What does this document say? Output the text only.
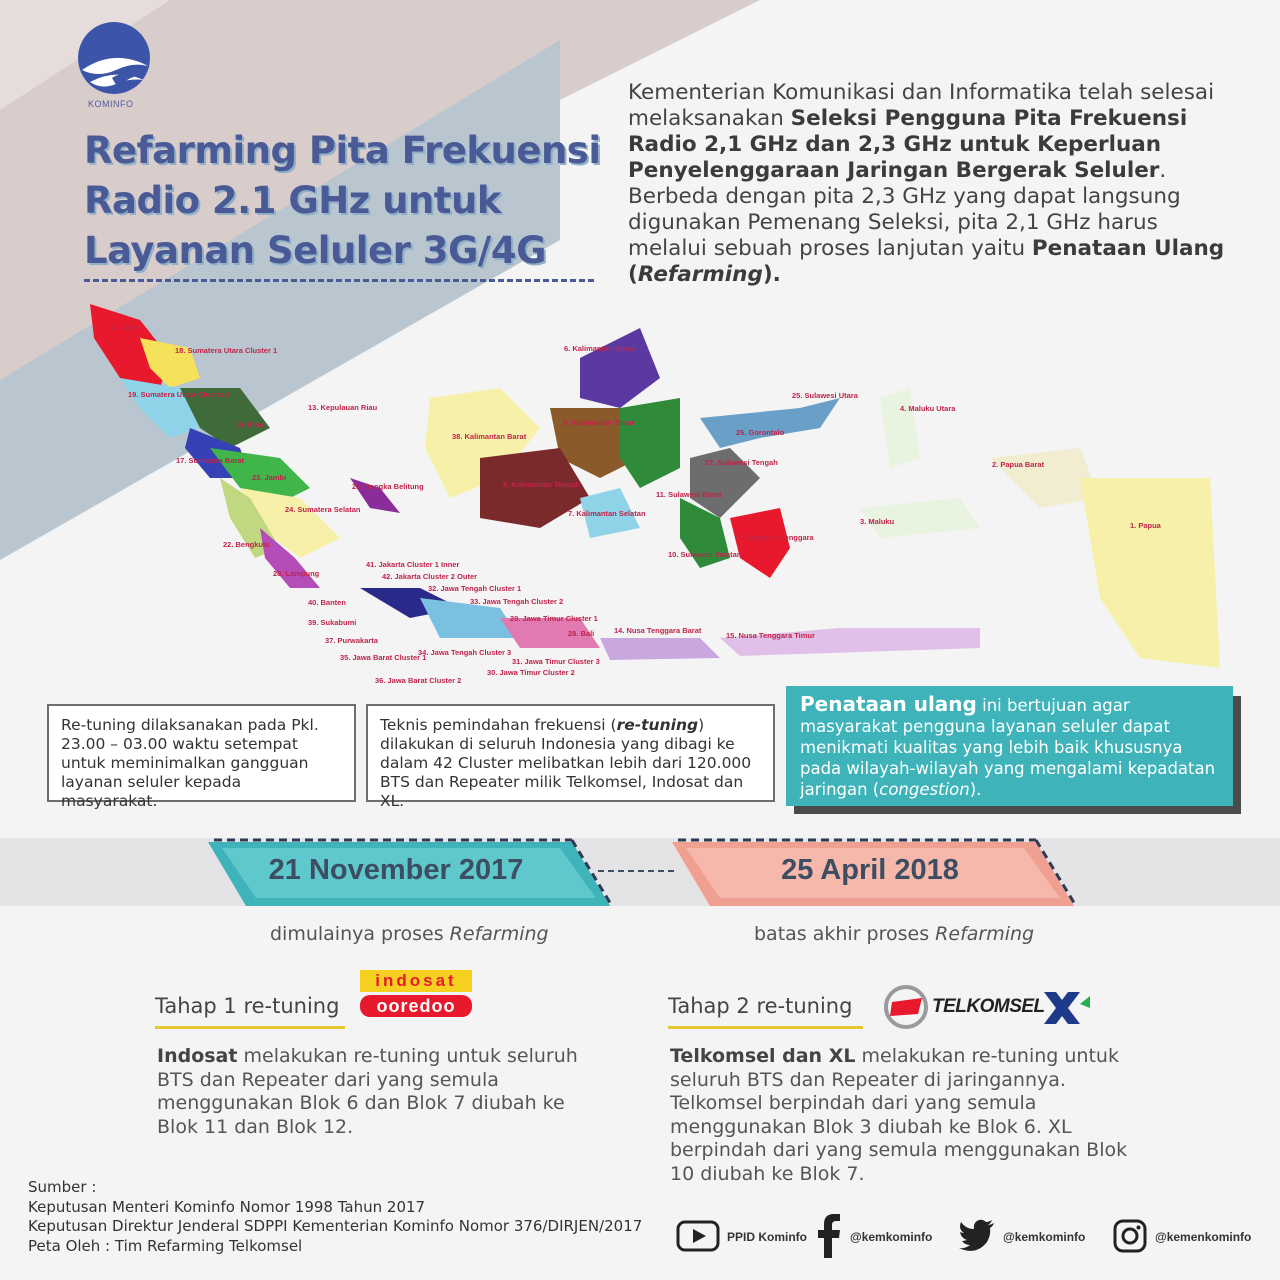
KOMINFO
Refarming Pita Frekuensi
Radio 2.1 GHz untuk
Layanan Seluler 3G/4G
Kementerian Komunikasi dan Informatika telah selesai melaksanakan Seleksi Pengguna Pita Frekuensi Radio 2,1 GHz dan 2,3 GHz untuk Keperluan Penyelenggaraan Jaringan Bergerak Seluler. Berbeda dengan pita 2,3 GHz yang dapat langsung digunakan Pemenang Seleksi, pita 2,1 GHz harus melalui sebuah proses lanjutan yaitu Penataan Ulang (Refarming).
12. Aceh
18. Sumatera Utara Cluster 1
19. Sumatera Utara Cluster 2
13. Kepulauan Riau
16. Riau
17. Sumatera Barat
23. Jambi
21. Bangka Belitung
24. Sumatera Selatan
22. Bengkulu
20. Lampung
6. Kalimantan Utara
5. Kalimantan Timur
38. Kalimantan Barat
8. Kalimantan Tengah
7. Kalimantan Selatan
25. Sulawesi Utara
26. Gorontalo
27. Sulawesi Tengah
11. Sulawesi Barat
9. Sulawesi Tenggara
10. Sulawesi Selatan
4. Maluku Utara
2. Papua Barat
3. Maluku	1. Papua
41. Jakarta Cluster 1 Inner
42. Jakarta Cluster 2 Outer
32. Jawa Tengah Cluster 1
33. Jawa Tengah Cluster 2
29. Jawa Timur Cluster 1
40. Banten
39. Sukabumi
37. Purwakarta
28. Bali	14. Nusa Tenggara Barat
15. Nusa Tenggara Timur
35. Jawa Barat Cluster 1
34. Jawa Tengah Cluster 3
31. Jawa Timur Cluster 3
30. Jawa Timur Cluster 2
36. Jawa Barat Cluster 2
Re-tuning dilaksanakan pada Pkl. 23.00 – 03.00 waktu setempat untuk meminimalkan gangguan layanan seluler kepada masyarakat.
Teknis pemindahan frekuensi (re-tuning) dilakukan di seluruh Indonesia yang dibagi ke dalam 42 Cluster melibatkan lebih dari 120.000 BTS dan Repeater milik Telkomsel, Indosat dan XL.
Penataan ulang ini bertujuan agar masyarakat pengguna layanan seluler dapat menikmati kualitas yang lebih baik khususnya pada wilayah-wilayah yang mengalami kepadatan jaringan (congestion).
21 November 2017	25 April 2018
dimulainya proses Refarming	batas akhir proses Refarming
Tahap 1 re-tuning
indosat
ooredoo
Indosat melakukan re-tuning untuk seluruh BTS dan Repeater dari yang semula menggunakan Blok 6 dan Blok 7 diubah ke Blok 11 dan Blok 12.
Tahap 2 re-tuning	TELKOMSEL
XL
Telkomsel dan XL melakukan re-tuning untuk seluruh BTS dan Repeater di jaringannya. Telkomsel berpindah dari yang semula menggunakan Blok 3 diubah ke Blok 6. XL berpindah dari yang semula menggunakan Blok 10 diubah ke Blok 7.
Sumber :
Keputusan Menteri Kominfo Nomor 1998 Tahun 2017
Keputusan Direktur Jenderal SDPPI Kementerian Kominfo Nomor 376/DIRJEN/2017
Peta Oleh : Tim Refarming Telkomsel	PPID Kominfo	@kemkominfo	@kemkominfo	@kemenkominfo
